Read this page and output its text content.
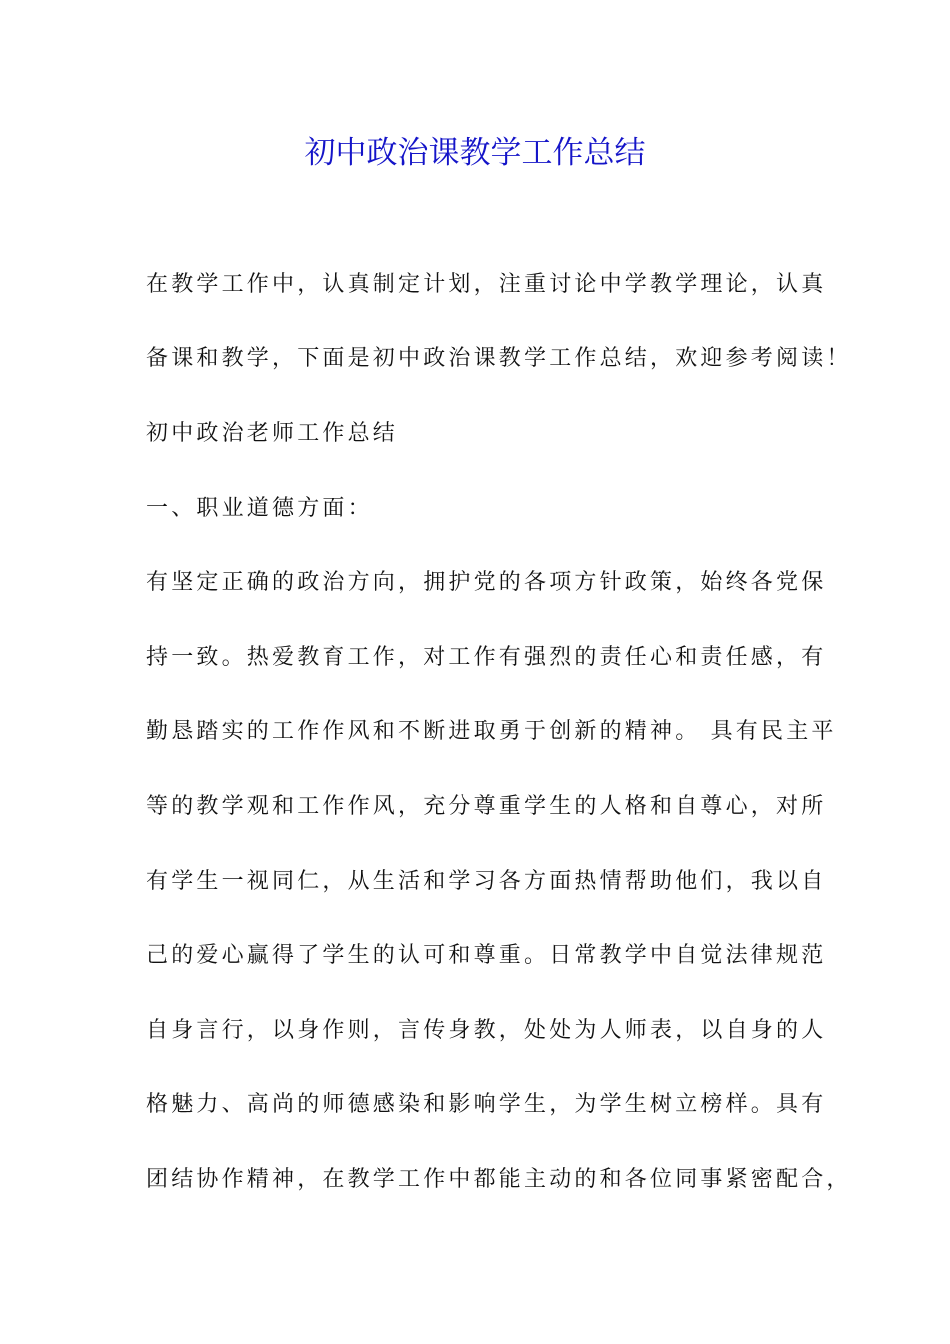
初中政治课教学工作总结
在教学工作中，认真制定计划，注重讨论中学教学理论，认真
备课和教学，下面是初中政治课教学工作总结，欢迎参考阅读！
初中政治老师工作总结
一、职业道德方面：
有坚定正确的政治方向，拥护党的各项方针政策，始终各党保
持一致。热爱教育工作，对工作有强烈的责任心和责任感，有
勤恳踏实的工作作风和不断进取勇于创新的精神。 具有民主平
等的教学观和工作作风，充分尊重学生的人格和自尊心，对所
有学生一视同仁，从生活和学习各方面热情帮助他们，我以自
己的爱心赢得了学生的认可和尊重。日常教学中自觉法律规范
自身言行，以身作则，言传身教，处处为人师表，以自身的人
格魅力、高尚的师德感染和影响学生，为学生树立榜样。具有
团结协作精神，在教学工作中都能主动的和各位同事紧密配合，
